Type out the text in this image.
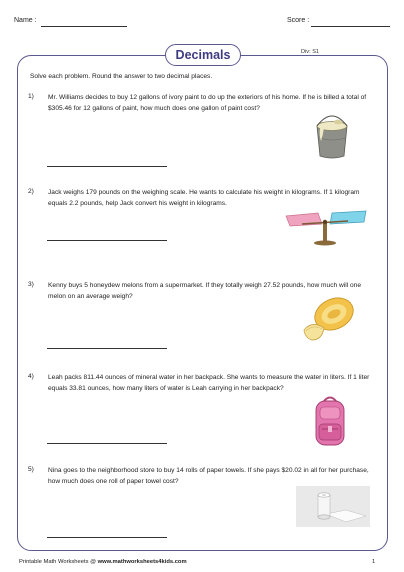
Name :	Score :
Decimals	Div: S1
Solve each problem. Round the answer to two decimal places.
1) Mr. Williams decides to buy 12 gallons of ivory paint to do up the exteriors of his home. If he is billed a total of $305.46 for 12 gallons of paint, how much does one gallon of paint cost?
2) Jack weighs 179 pounds on the weighing scale. He wants to calculate his weight in kilograms. If 1 kilogram equals 2.2 pounds, help Jack convert his weight in kilograms.
3) Kenny buys 5 honeydew melons from a supermarket. If they totally weigh 27.52 pounds, how much will one melon on an average weigh?
4) Leah packs 811.44 ounces of mineral water in her backpack. She wants to measure the water in liters. If 1 liter equals 33.81 ounces, how many liters of water is Leah carrying in her backpack?
5) Nina goes to the neighborhood store to buy 14 rolls of paper towels. If she pays $20.02 in all for her purchase, how much does one roll of paper towel cost?
Printable Math Worksheets @ www.mathworksheets4kids.com	1
